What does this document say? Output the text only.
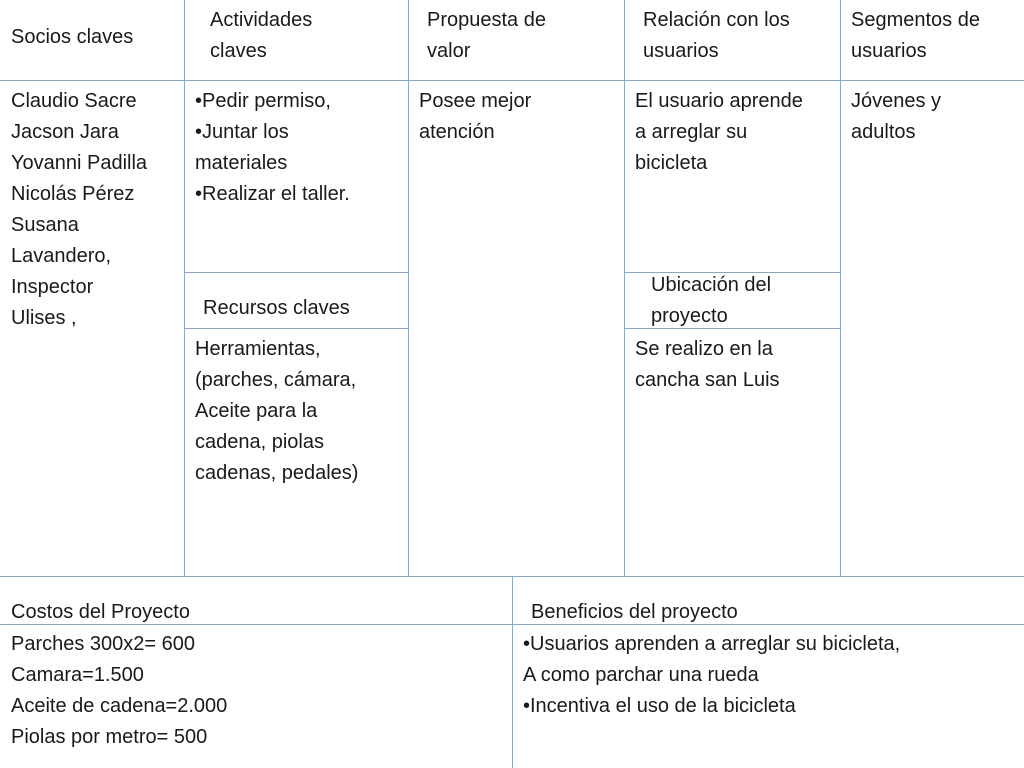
Socios claves
Actividades
claves
Propuesta de
valor
Relación con los
usuarios
Segmentos de
usuarios
Recursos claves
Ubicación del
proyecto
Costos del Proyecto	Beneficios del proyecto
Claudio Sacre
Jacson Jara
Yovanni Padilla
Nicolás Pérez
Susana
Lavandero,
Inspector
Ulises ,
•Pedir permiso,
•Juntar los
materiales
•Realizar el taller.
Posee mejor
atención
El usuario aprende
a arreglar su
bicicleta
Jóvenes y
adultos
Herramientas,
(parches, cámara,
Aceite para la
cadena, piolas
cadenas, pedales)
Se realizo en la
cancha san Luis
Parches 300x2= 600
Camara=1.500
Aceite de cadena=2.000
Piolas por metro= 500
•Usuarios aprenden a arreglar su bicicleta,
A como parchar una rueda
•Incentiva el uso de la bicicleta
